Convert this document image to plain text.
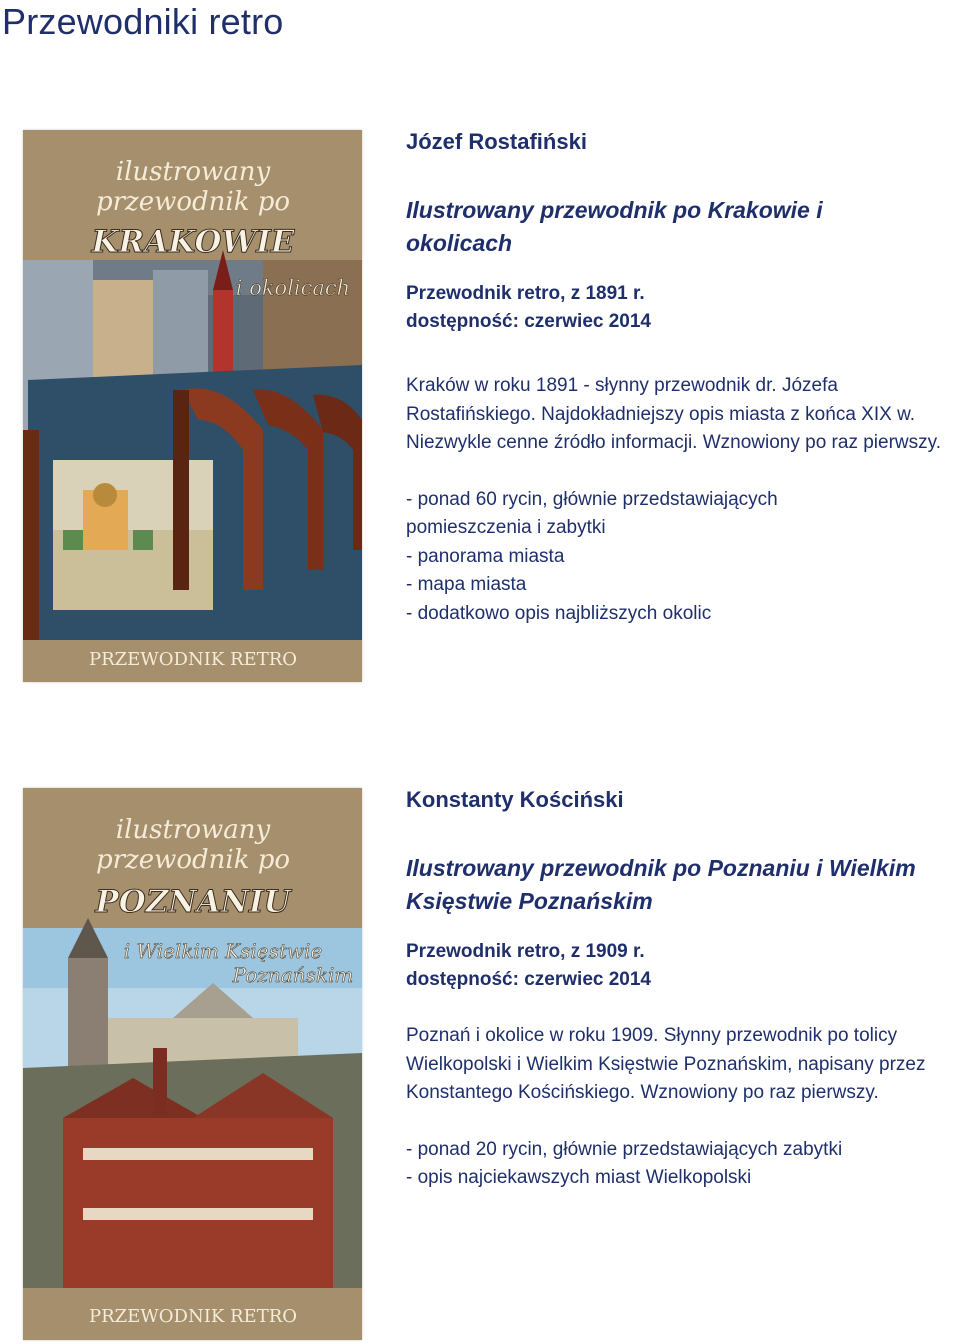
Przewodniki retro
ilustrowany
przewodnik po
KRAKOWIE
i okolicach
PRZEWODNIK RETRO

Józef Rostafiński

Ilustrowany przewodnik po Krakowie i okolicach

Przewodnik retro, z 1891 r.
dostępność: czerwiec 2014

Kraków w roku 1891 - słynny przewodnik dr. Józefa Rostafińskiego. Najdokładniejszy opis miasta z końca XIX w. Niezwykle cenne źródło informacji. Wznowiony po raz pierwszy.

- ponad 60 rycin, głównie przedstawiających pomieszczenia i zabytki
- panorama miasta
- mapa miasta
- dodatkowo opis najbliższych okolic
ilustrowany
przewodnik po
POZNANIU
i Wielkim Księstwie
Poznańskim
PRZEWODNIK RETRO

Konstanty Kościński

Ilustrowany przewodnik po Poznaniu i Wielkim Księstwie Poznańskim

Przewodnik retro, z 1909 r.
dostępność: czerwiec 2014

Poznań i okolice w roku 1909. Słynny przewodnik po tolicy Wielkopolski i Wielkim Księstwie Poznańskim, napisany przez Konstantego Kościńskiego. Wznowiony po raz pierwszy.

- ponad 20 rycin, głównie przedstawiających zabytki
- opis najciekawszych miast Wielkopolski
